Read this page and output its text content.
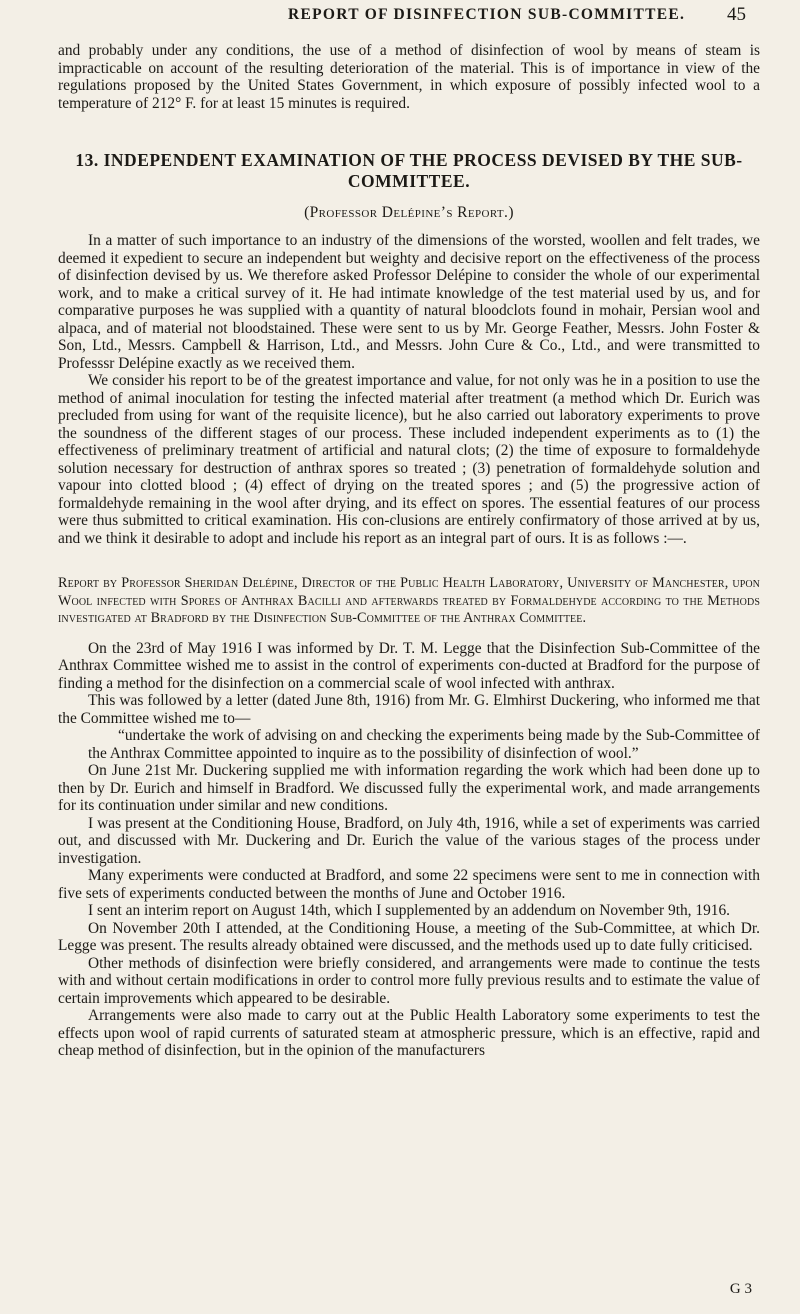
REPORT OF DISINFECTION SUB-COMMITTEE. 45

and probably under any conditions, the use of a method of disinfection of wool by means of steam is impracticable on account of the resulting deterioration of the material. This is of importance in view of the regulations proposed by the United States Government, in which exposure of possibly infected wool to a temperature of 212° F. for at least 15 minutes is required.

13. INDEPENDENT EXAMINATION OF THE PROCESS DEVISED BY THE SUB-COMMITTEE.
(Professor Delépine’s Report.)

In a matter of such importance to an industry of the dimensions of the worsted, woollen and felt trades, we deemed it expedient to secure an independent but weighty and decisive report on the effectiveness of the process of disinfection devised by us. We therefore asked Professor Delépine to consider the whole of our experimental work, and to make a critical survey of it. He had intimate knowledge of the test material used by us, and for comparative purposes he was supplied with a quantity of natural bloodclots found in mohair, Persian wool and alpaca, and of material not bloodstained. These were sent to us by Mr. George Feather, Messrs. John Foster & Son, Ltd., Messrs. Campbell & Harrison, Ltd., and Messrs. John Cure & Co., Ltd., and were transmitted to Professsr Delépine exactly as we received them.

We consider his report to be of the greatest importance and value, for not only was he in a position to use the method of animal inoculation for testing the infected material after treatment (a method which Dr. Eurich was precluded from using for want of the requisite licence), but he also carried out laboratory experiments to prove the soundness of the different stages of our process. These included independent experiments as to (1) the effectiveness of preliminary treatment of artificial and natural clots; (2) the time of exposure to formaldehyde solution necessary for destruction of anthrax spores so treated ; (3) penetration of formaldehyde solution and vapour into clotted blood ; (4) effect of drying on the treated spores ; and (5) the progressive action of formaldehyde remaining in the wool after drying, and its effect on spores. The essential features of our process were thus submitted to critical examination. His con-clusions are entirely confirmatory of those arrived at by us, and we think it desirable to adopt and include his report as an integral part of ours. It is as follows :—.

Report by Professor Sheridan Delépine, Director of the Public Health Laboratory, University of Manchester, upon Wool infected with Spores of Anthrax Bacilli and afterwards treated by Formaldehyde according to the Methods investigated at Bradford by the Disinfection Sub-Committee of the Anthrax Committee.

On the 23rd of May 1916 I was informed by Dr. T. M. Legge that the Disinfection Sub-Committee of the Anthrax Committee wished me to assist in the control of experiments con-ducted at Bradford for the purpose of finding a method for the disinfection on a commercial scale of wool infected with anthrax.

This was followed by a letter (dated June 8th, 1916) from Mr. G. Elmhirst Duckering, who informed me that the Committee wished me to—

“undertake the work of advising on and checking the experiments being made by the Sub-Committee of the Anthrax Committee appointed to inquire as to the possibility of disinfection of wool.”

On June 21st Mr. Duckering supplied me with information regarding the work which had been done up to then by Dr. Eurich and himself in Bradford. We discussed fully the experimental work, and made arrangements for its continuation under similar and new conditions.

I was present at the Conditioning House, Bradford, on July 4th, 1916, while a set of experiments was carried out, and discussed with Mr. Duckering and Dr. Eurich the value of the various stages of the process under investigation.

Many experiments were conducted at Bradford, and some 22 specimens were sent to me in connection with five sets of experiments conducted between the months of June and October 1916.

I sent an interim report on August 14th, which I supplemented by an addendum on November 9th, 1916.

On November 20th I attended, at the Conditioning House, a meeting of the Sub-Committee, at which Dr. Legge was present. The results already obtained were discussed, and the methods used up to date fully criticised.

Other methods of disinfection were briefly considered, and arrangements were made to continue the tests with and without certain modifications in order to control more fully previous results and to estimate the value of certain improvements which appeared to be desirable.

Arrangements were also made to carry out at the Public Health Laboratory some experiments to test the effects upon wool of rapid currents of saturated steam at atmospheric pressure, which is an effective, rapid and cheap method of disinfection, but in the opinion of the manufacturers

G 3
